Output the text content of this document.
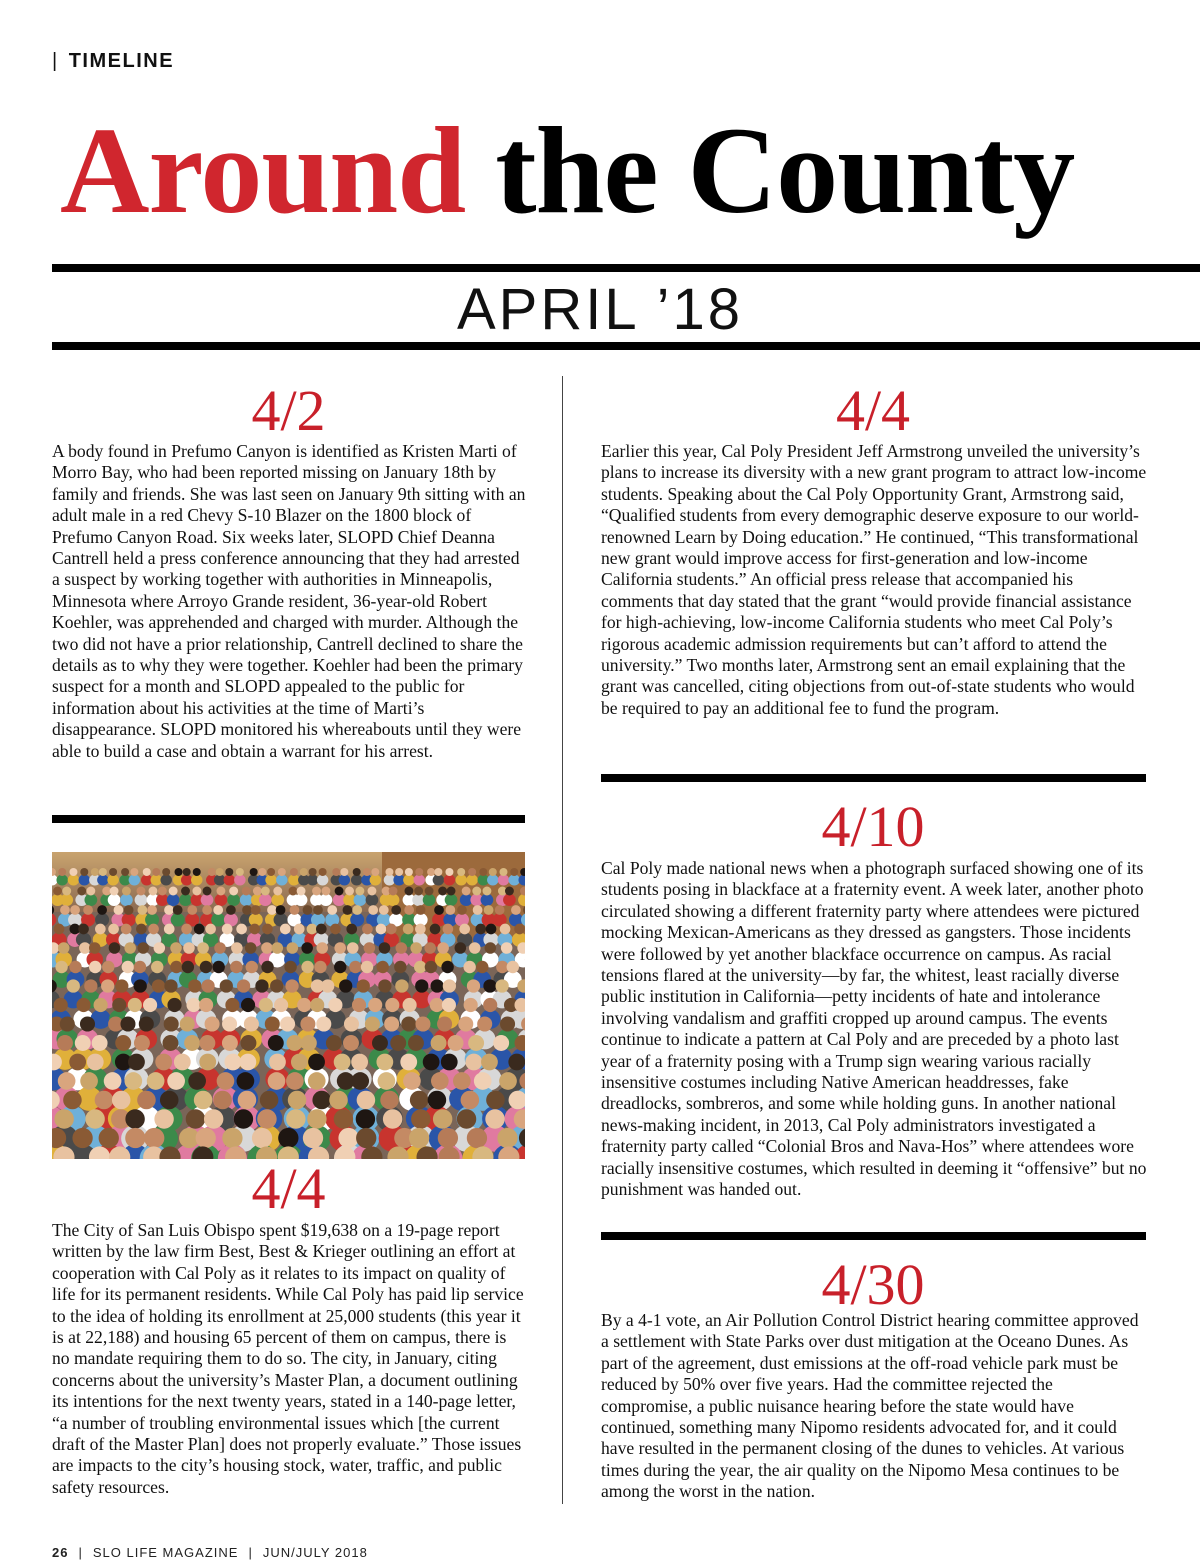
| TIMELINE
Around the County
APRIL ’18
4/2
A body found in Prefumo Canyon is identified as Kristen Marti of Morro Bay, who had been reported missing on January 18th by family and friends. She was last seen on January 9th sitting with an adult male in a red Chevy S-10 Blazer on the 1800 block of Prefumo Canyon Road. Six weeks later, SLOPD Chief Deanna Cantrell held a press conference announcing that they had arrested a suspect by working together with authorities in Minneapolis, Minnesota where Arroyo Grande resident, 36-year-old Robert Koehler, was apprehended and charged with murder. Although the two did not have a prior relationship, Cantrell declined to share the details as to why they were together. Koehler had been the primary suspect for a month and SLOPD appealed to the public for information about his activities at the time of Marti’s disappearance. SLOPD monitored his whereabouts until they were able to build a case and obtain a warrant for his arrest.
4/4
The City of San Luis Obispo spent $19,638 on a 19-page report written by the law firm Best, Best & Krieger outlining an effort at cooperation with Cal Poly as it relates to its impact on quality of life for its permanent residents. While Cal Poly has paid lip service to the idea of holding its enrollment at 25,000 students (this year it is at 22,188) and housing 65 percent of them on campus, there is no mandate requiring them to do so. The city, in January, citing concerns about the university’s Master Plan, a document outlining its intentions for the next twenty years, stated in a 140-page letter, “a number of troubling environmental issues which [the current draft of the Master Plan] does not properly evaluate.” Those issues are impacts to the city’s housing stock, water, traffic, and public safety resources.
4/4
Earlier this year, Cal Poly President Jeff Armstrong unveiled the university’s plans to increase its diversity with a new grant program to attract low-income students. Speaking about the Cal Poly Opportunity Grant, Armstrong said, “Qualified students from every demographic deserve exposure to our world-renowned Learn by Doing education.” He continued, “This transformational new grant would improve access for first-generation and low-income California students.” An official press release that accompanied his comments that day stated that the grant “would provide financial assistance for high-achieving, low-income California students who meet Cal Poly’s rigorous academic admission requirements but can’t afford to attend the university.” Two months later, Armstrong sent an email explaining that the grant was cancelled, citing objections from out-of-state students who would be required to pay an additional fee to fund the program.
4/10
Cal Poly made national news when a photograph surfaced showing one of its students posing in blackface at a fraternity event. A week later, another photo circulated showing a different fraternity party where attendees were pictured mocking Mexican-Americans as they dressed as gangsters. Those incidents were followed by yet another blackface occurrence on campus. As racial tensions flared at the university—by far, the whitest, least racially diverse public institution in California—petty incidents of hate and intolerance involving vandalism and graffiti cropped up around campus. The events continue to indicate a pattern at Cal Poly and are preceded by a photo last year of a fraternity posing with a Trump sign wearing various racially insensitive costumes including Native American headdresses, fake dreadlocks, sombreros, and some while holding guns. In another national news-making incident, in 2013, Cal Poly administrators investigated a fraternity party called “Colonial Bros and Nava-Hos” where attendees wore racially insensitive costumes, which resulted in deeming it “offensive” but no punishment was handed out.
4/30
By a 4-1 vote, an Air Pollution Control District hearing committee approved a settlement with State Parks over dust mitigation at the Oceano Dunes. As part of the agreement, dust emissions at the off-road vehicle park must be reduced by 50% over five years. Had the committee rejected the compromise, a public nuisance hearing before the state would have continued, something many Nipomo residents advocated for, and it could have resulted in the permanent closing of the dunes to vehicles. At various times during the year, the air quality on the Nipomo Mesa continues to be among the worst in the nation.
26 | SLO LIFE MAGAZINE | JUN/JULY 2018
